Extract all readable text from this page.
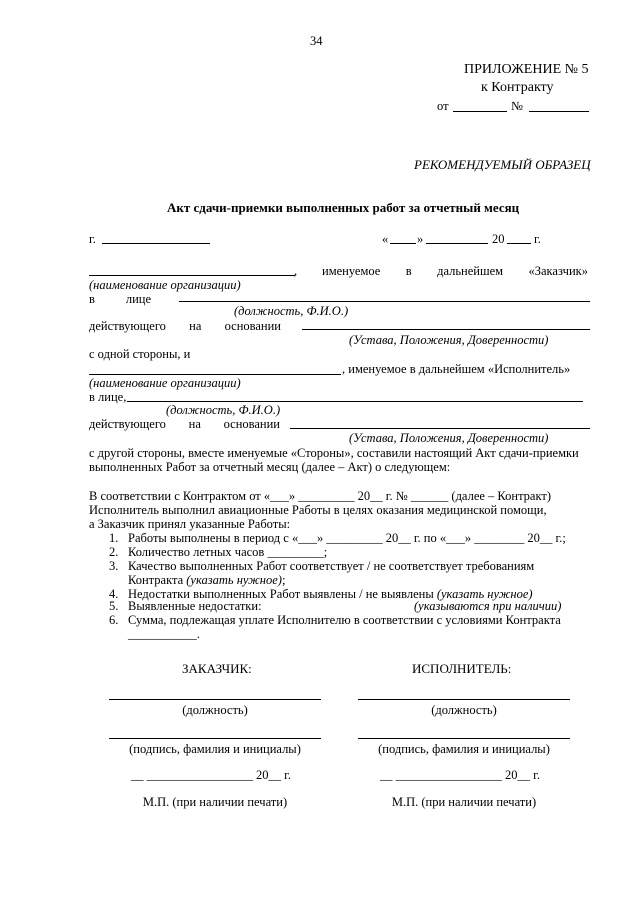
34
ПРИЛОЖЕНИЕ № 5
к Контракту
от	№
РЕКОМЕНДУЕМЫЙ ОБРАЗЕЦ
Акт сдачи-приемки выполненных работ за отчетный месяц
г.	« »	20 г.
, именуемое в дальнейшем «Заказчик»
(наименование организации)
в лице
(должность, Ф.И.О.)
действующего на основании
(Устава, Положения, Доверенности)
с одной стороны, и
, именуемое в дальнейшем «Исполнитель»
(наименование организации)
в лице,
(должность, Ф.И.О.)
действующего на основании
(Устава, Положения, Доверенности)
с другой стороны, вместе именуемые «Стороны», составили настоящий Акт сдачи-приемки
выполненных Работ за отчетный месяц (далее – Акт) о следующем:
В соответствии с Контрактом от «___» _________ 20__ г. № ______ (далее – Контракт)
Исполнитель выполнил авиационные Работы в целях оказания медицинской помощи,
а Заказчик принял указанные Работы:
1. Работы выполнены в период с «___» _________ 20__ г. по «___» ________ 20__ г.;
2. Количество летных часов _________;
3. Качество выполненных Работ соответствует / не соответствует требованиям
Контракта (указать нужное);
4. Недостатки выполненных Работ выявлены / не выявлены (указать нужное)
5. Выявленные недостатки:	(указываются при наличии)
6. Сумма, подлежащая уплате Исполнителю в соответствии с условиями Контракта
___________.
ЗАКАЗЧИК:	ИСПОЛНИТЕЛЬ:
(должность)	(должность)
(подпись, фамилия и инициалы)	(подпись, фамилия и инициалы)
__ _________________ 20__ г.	__ _________________ 20__ г.
М.П. (при наличии печати)	М.П. (при наличии печати)
